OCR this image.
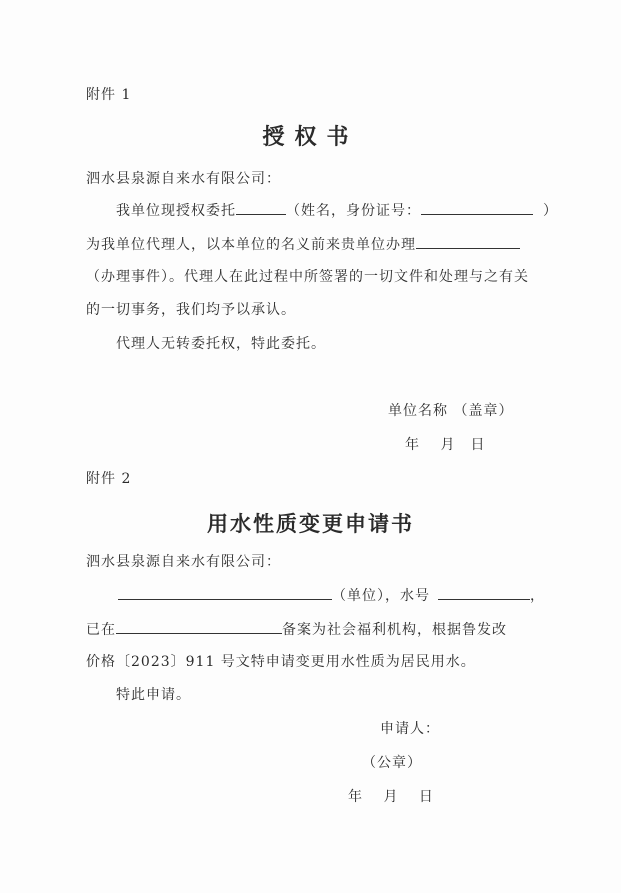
附件 1
授权书
泗水县泉源自来水有限公司：
我单位现授权委托	（姓名，身份证号：	）
为我单位代理人，以本单位的名义前来贵单位办理
（办理事件）。代理人在此过程中所签署的一切文件和处理与之有关
的一切事务，我们均予以承认。
代理人无转委托权，特此委托。
单位名称 （盖章）
年　 月　日
附件 2
用水性质变更申请书
泗水县泉源自来水有限公司：
（单位），水号	，
已在	备案为社会福利机构，根据鲁发改
价格〔2023〕911 号文特申请变更用水性质为居民用水。
特此申请。
申请人：
（公章）
年　 月　 日
